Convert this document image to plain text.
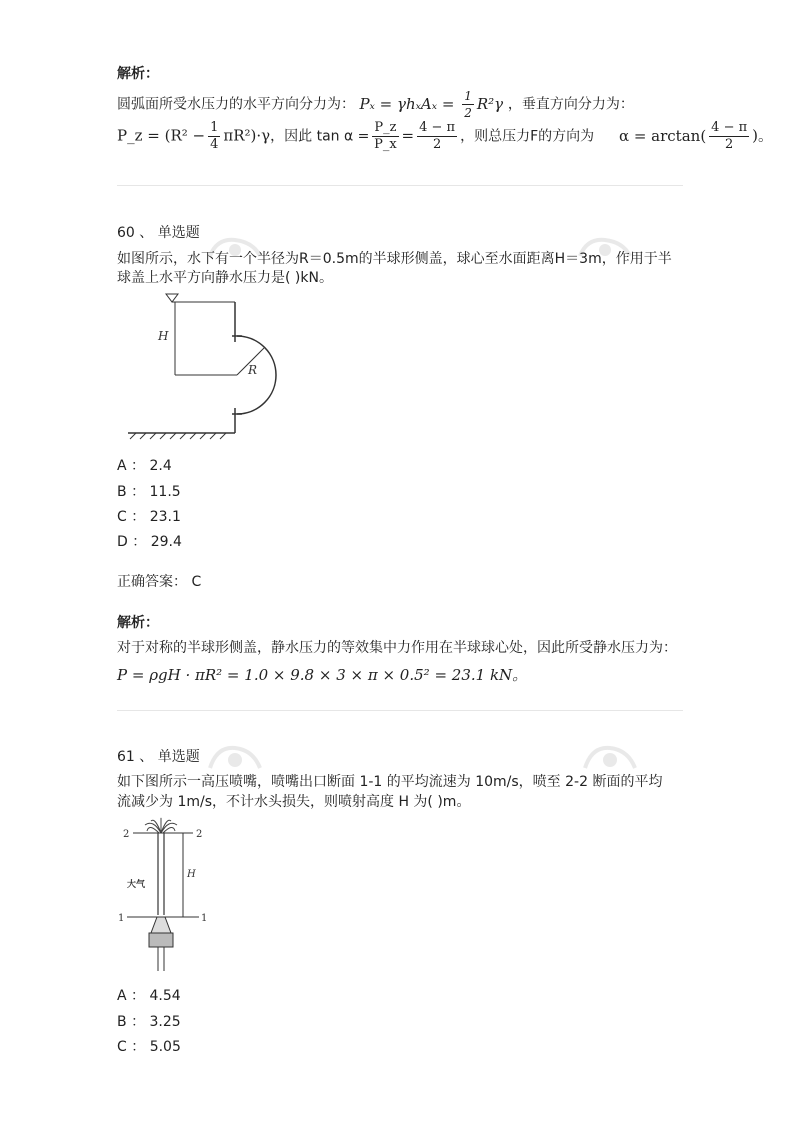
解析：
圆弧面所受水压力的水平方向分力为： $P_x = \gamma h_xA_x = \frac{1}{2} R^2\gamma$ ，垂直方向分力为：
P_z = $(R^2 - \frac{1}{4} \pi R^2)\cdot\gamma$，因此 $\tan \alpha = \frac{P\_z}{P\_x} = \frac{4 - \pi}{2}$ ，则总压力F的方向为 $\alpha = \arctan( \frac{4 - \pi}{2}$ )。
60 、 单选题
如图所示，水下有一个半径为R＝0.5m的半球形侧盖，球心至水面距离H＝3m，作用于半
球盖上水平方向静水压力是( )kN。
H
R
A ： 2.4
B ： 11.5
C ： 23.1
D ： 29.4
正确答案： C
解析：
对于对称的半球形侧盖，静水压力的等效集中力作用在半球球心处，因此所受静水压力为：
P = ρgH · πR² = 1.0 × 9.8 × 3 × π × 0.5² = 23.1 kN。
61 、 单选题
如下图所示一高压喷嘴，喷嘴出口断面 1-1 的平均流速为 10m/s，喷至 2-2 断面的平均
流减少为 1m/s，不计水头损失，则喷射高度 H 为( )m。
2	2
H
大气
1	1
A ： 4.54
B ： 3.25
C ： 5.05
